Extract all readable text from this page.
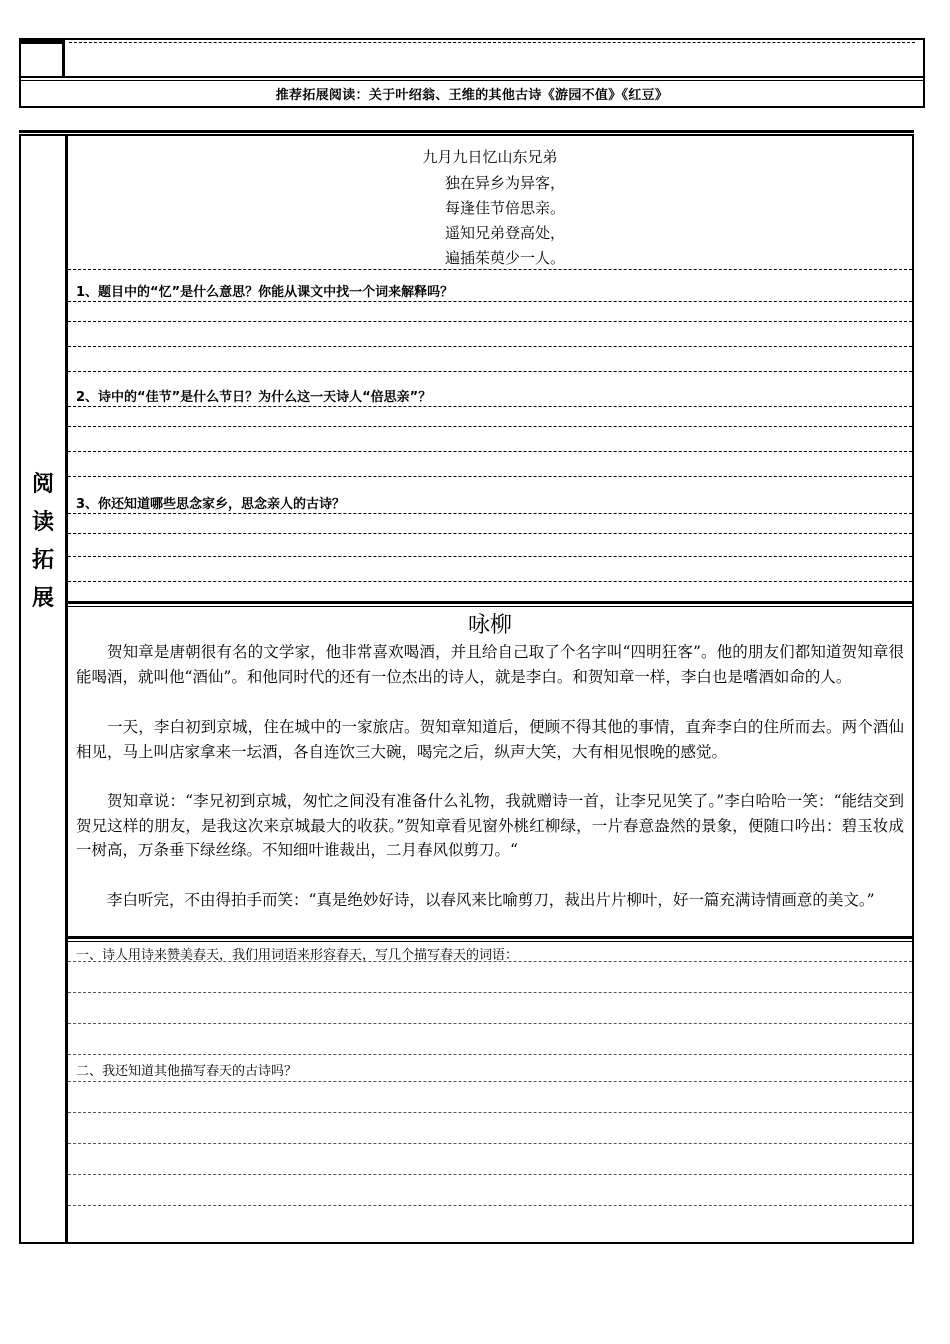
推荐拓展阅读：关于叶绍翁、王维的其他古诗《游园不值》《红豆》
阅
读
拓
展
九月九日忆山东兄弟
独在异乡为异客，
每逢佳节倍思亲。
遥知兄弟登高处，
遍插茱萸少一人。
1、题目中的“忆”是什么意思？你能从课文中找一个词来解释吗？
2、诗中的“佳节”是什么节日？为什么这一天诗人“倍思亲”？
3、你还知道哪些思念家乡，思念亲人的古诗？
咏柳

贺知章是唐朝很有名的文学家，他非常喜欢喝酒，并且给自己取了个名字叫“四明狂客”。他的朋友们都知道贺知章很能喝酒，就叫他“酒仙”。和他同时代的还有一位杰出的诗人，就是李白。和贺知章一样，李白也是嗜酒如命的人。

一天，李白初到京城，住在城中的一家旅店。贺知章知道后，便顾不得其他的事情，直奔李白的住所而去。两个酒仙相见，马上叫店家拿来一坛酒，各自连饮三大碗，喝完之后，纵声大笑，大有相见恨晚的感觉。

贺知章说：“李兄初到京城，匆忙之间没有准备什么礼物，我就赠诗一首，让李兄见笑了。”李白哈哈一笑：“能结交到贺兄这样的朋友，是我这次来京城最大的收获。”贺知章看见窗外桃红柳绿，一片春意盎然的景象，便随口吟出：碧玉妆成一树高，万条垂下绿丝绦。不知细叶谁裁出，二月春风似剪刀。“

李白听完，不由得拍手而笑：“真是绝妙好诗，以春风来比喻剪刀，裁出片片柳叶，好一篇充满诗情画意的美文。”

一、诗人用诗来赞美春天，我们用词语来形容春天，写几个描写春天的词语：
二、我还知道其他描写春天的古诗吗？
